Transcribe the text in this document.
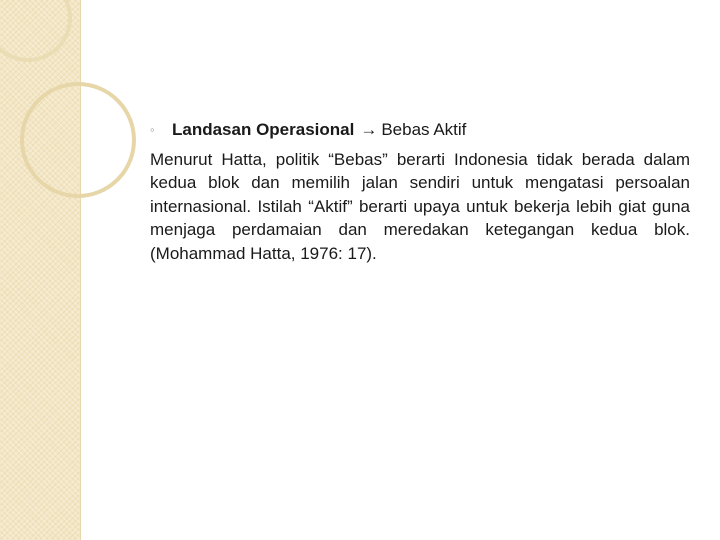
◦ Landasan Operasional → Bebas Aktif

Menurut Hatta, politik “Bebas” berarti Indonesia tidak berada dalam kedua blok dan memilih jalan sendiri untuk mengatasi persoalan internasional. Istilah “Aktif” berarti upaya untuk bekerja lebih giat guna menjaga perdamaian dan meredakan ketegangan kedua blok. (Mohammad Hatta, 1976: 17).
